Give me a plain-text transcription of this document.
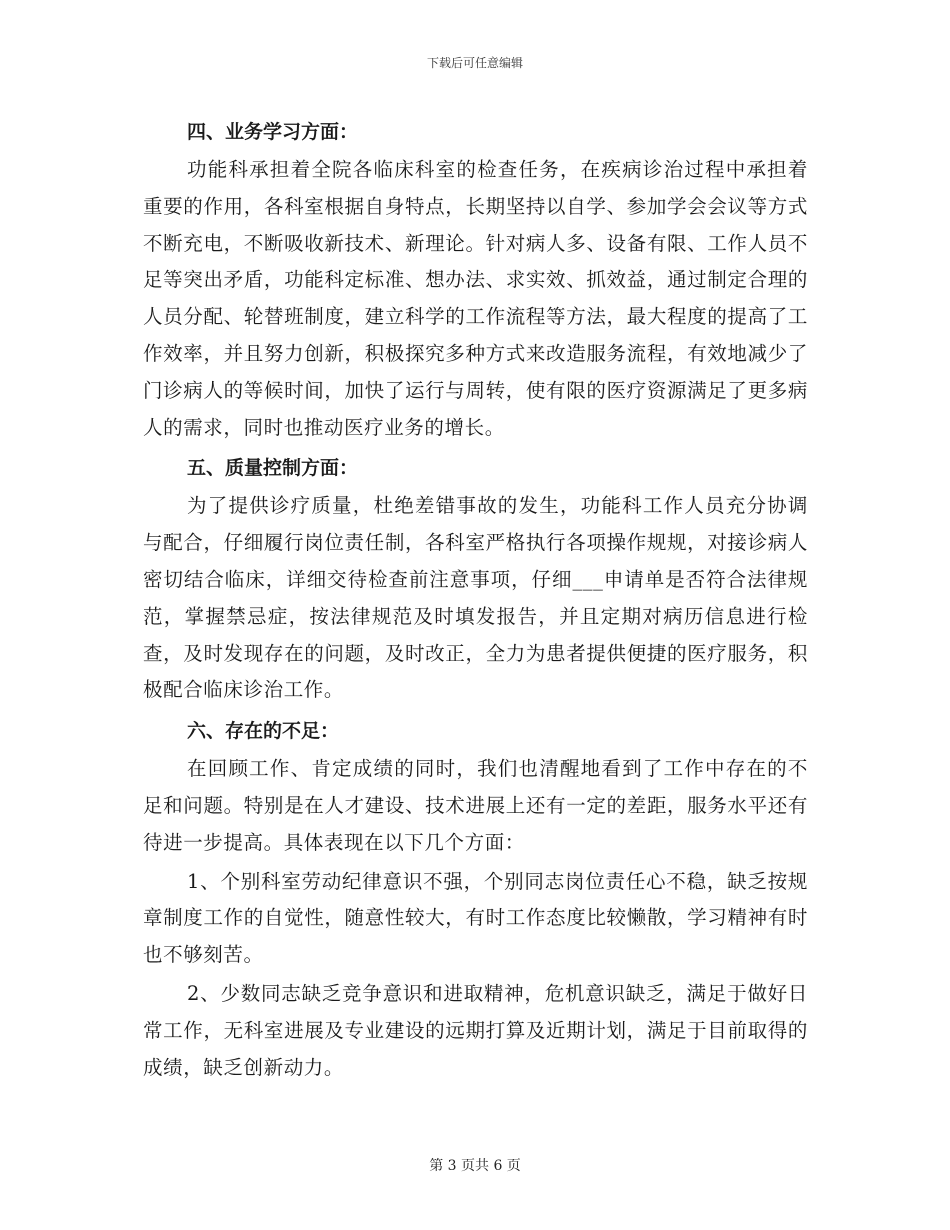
下载后可任意编辑
四、业务学习方面：

功能科承担着全院各临床科室的检查任务，在疾病诊治过程中承担着重要的作用，各科室根据自身特点，长期坚持以自学、参加学会会议等方式不断充电，不断吸收新技术、新理论。针对病人多、设备有限、工作人员不足等突出矛盾，功能科定标准、想办法、求实效、抓效益，通过制定合理的人员分配、轮替班制度，建立科学的工作流程等方法，最大程度的提高了工作效率，并且努力创新，积极探究多种方式来改造服务流程，有效地减少了门诊病人的等候时间，加快了运行与周转，使有限的医疗资源满足了更多病人的需求，同时也推动医疗业务的增长。

五、质量控制方面：

为了提供诊疗质量，杜绝差错事故的发生，功能科工作人员充分协调与配合，仔细履行岗位责任制，各科室严格执行各项操作规规，对接诊病人密切结合临床，详细交待检查前注意事项，仔细___申请单是否符合法律规范，掌握禁忌症，按法律规范及时填发报告，并且定期对病历信息进行检查，及时发现存在的问题，及时改正，全力为患者提供便捷的医疗服务，积极配合临床诊治工作。

六、存在的不足：

在回顾工作、肯定成绩的同时，我们也清醒地看到了工作中存在的不足和问题。特别是在人才建设、技术进展上还有一定的差距，服务水平还有待进一步提高。具体表现在以下几个方面：

1、个别科室劳动纪律意识不强，个别同志岗位责任心不稳，缺乏按规章制度工作的自觉性，随意性较大，有时工作态度比较懒散，学习精神有时也不够刻苦。

2、少数同志缺乏竞争意识和进取精神，危机意识缺乏，满足于做好日常工作，无科室进展及专业建设的远期打算及近期计划，满足于目前取得的成绩，缺乏创新动力。

第 3 页共 6 页
